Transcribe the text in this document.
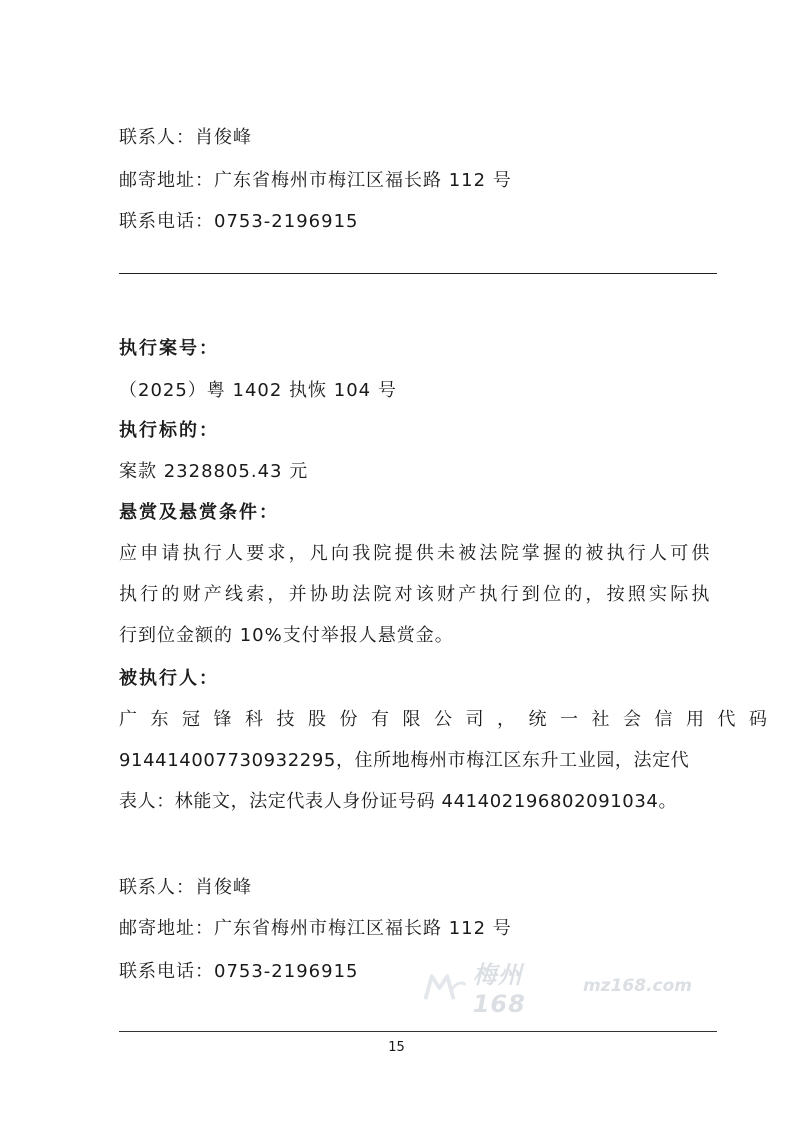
联系人：肖俊峰
邮寄地址：广东省梅州市梅江区福长路 112 号
联系电话：0753-2196915
执行案号：
（2025）粤 1402 执恢 104 号
执行标的：
案款 2328805.43 元
悬赏及悬赏条件：
应申请执行人要求，凡向我院提供未被法院掌握的被执行人可供
执行的财产线索，并协助法院对该财产执行到位的，按照实际执
行到位金额的 10%支付举报人悬赏金。
被执行人：
广东冠锋科技股份有限公司，统一社会信用代码
914414007730932295，住所地梅州市梅江区东升工业园，法定代
表人：林能文，法定代表人身份证号码 441402196802091034。
联系人：肖俊峰
邮寄地址：广东省梅州市梅江区福长路 112 号
联系电话：0753-2196915	梅州168
mz168.com
15
